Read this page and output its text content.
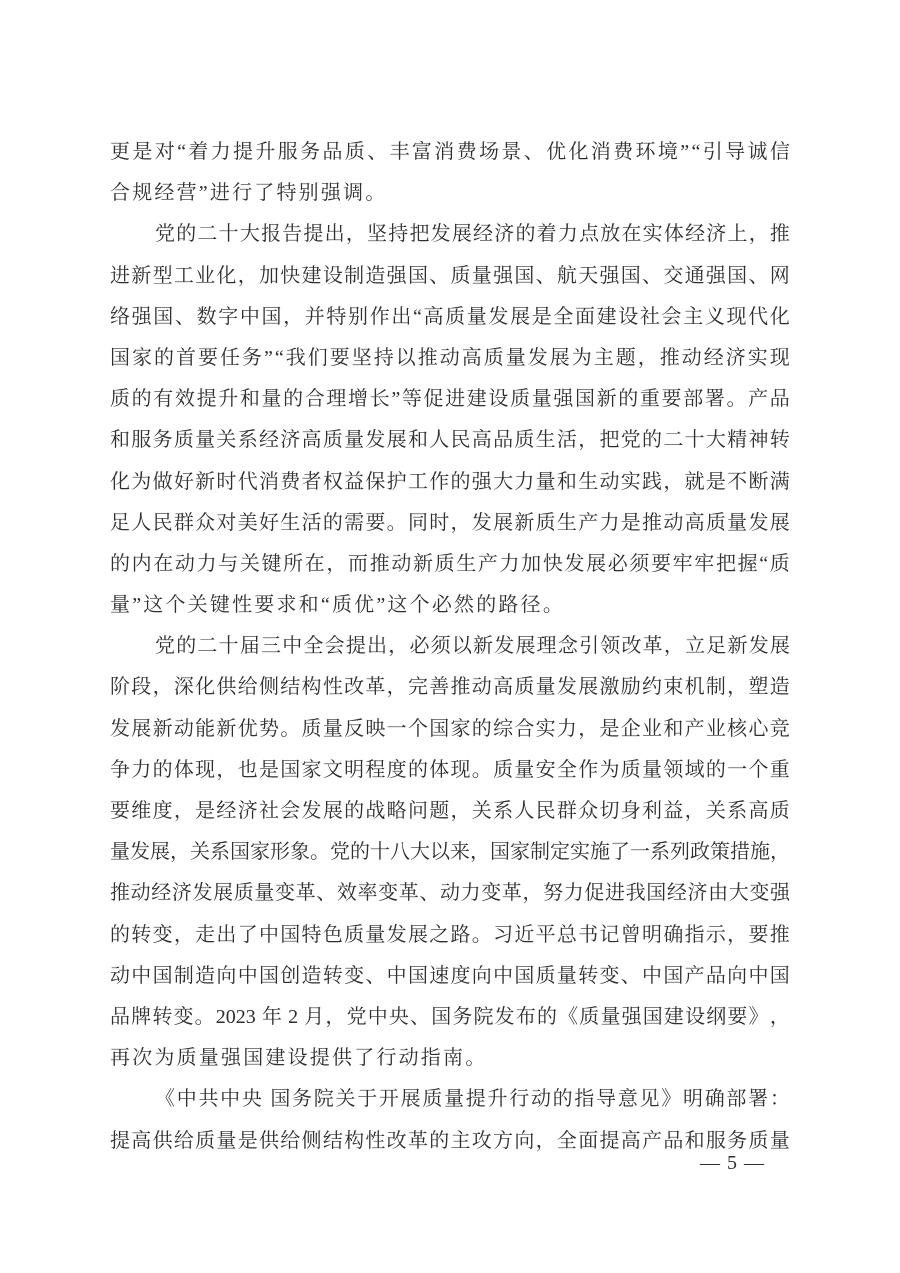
更 是 对 “ 着 力 提 升 服 务 品 质 、 丰 富 消 费 场 景 、 优 化 消 费 环 境 ” “ 引 导 诚 信
合规经营”进行了特别强调。
党 的 二 十 大 报 告 提 出 ， 坚 持 把 发 展 经 济 的 着 力 点 放 在 实 体 经 济 上 ， 推
进 新 型 工 业 化 ， 加 快 建 设 制 造 强 国 、 质 量 强 国 、 航 天 强 国 、 交 通 强 国 、 网
络 强 国 、 数 字 中 国 ， 并 特 别 作 出 “ 高 质 量 发 展 是 全 面 建 设 社 会 主 义 现 代 化
国 家 的 首 要 任 务 ” “ 我 们 要 坚 持 以 推 动 高 质 量 发 展 为 主 题 ， 推 动 经 济 实 现
质 的 有 效 提 升 和 量 的 合 理 增 长 ” 等 促 进 建 设 质 量 强 国 新 的 重 要 部 署 。 产 品
和 服 务 质 量 关 系 经 济 高 质 量 发 展 和 人 民 高 品 质 生 活 ， 把 党 的 二 十 大 精 神 转
化 为 做 好 新 时 代 消 费 者 权 益 保 护 工 作 的 强 大 力 量 和 生 动 实 践 ， 就 是 不 断 满
足 人 民 群 众 对 美 好 生 活 的 需 要 。 同 时 ， 发 展 新 质 生 产 力 是 推 动 高 质 量 发 展
的 内 在 动 力 与 关 键 所 在 ， 而 推 动 新 质 生 产 力 加 快 发 展 必 须 要 牢 牢 把 握 “ 质
量”这个关键性要求和“质优”这个必然的路径。
党 的 二 十 届 三 中 全 会 提 出 ， 必 须 以 新 发 展 理 念 引 领 改 革 ， 立 足 新 发 展
阶 段 ， 深 化 供 给 侧 结 构 性 改 革 ， 完 善 推 动 高 质 量 发 展 激 励 约 束 机 制 ， 塑 造
发 展 新 动 能 新 优 势 。 质 量 反 映 一 个 国 家 的 综 合 实 力 ， 是 企 业 和 产 业 核 心 竞
争 力 的 体 现 ， 也 是 国 家 文 明 程 度 的 体 现 。 质 量 安 全 作 为 质 量 领 域 的 一 个 重
要 维 度 ， 是 经 济 社 会 发 展 的 战 略 问 题 ， 关 系 人 民 群 众 切 身 利 益 ， 关 系 高 质
量 发 展 ， 关 系 国 家 形 象 。 党 的 十 八 大 以 来 ， 国 家 制 定 实 施 了 一 系 列 政 策 措 施 ，
推 动 经 济 发 展 质 量 变 革 、 效 率 变 革 、 动 力 变 革 ， 努 力 促 进 我 国 经 济 由 大 变 强
的 转 变 ， 走 出 了 中 国 特 色 质 量 发 展 之 路 。 习 近 平 总 书 记 曾 明 确 指 示 ， 要 推
动 中 国 制 造 向 中 国 创 造 转 变 、 中 国 速 度 向 中 国 质 量 转 变 、 中 国 产 品 向 中 国
品 牌 转 变 。 2023 年 2 月 ， 党 中 央 、 国 务 院 发 布 的 《 质 量 强 国 建 设 纲 要 》 ，
再次为质量强国建设提供了行动指南。
《 中 共 中 央
国 务 院 关 于 开 展 质 量 提 升 行 动 的 指 导 意 见 》 明 确 部 署 ：
提 高 供 给 质 量 是 供 给 侧 结 构 性 改 革 的 主 攻 方 向 ， 全 面 提 高 产 品 和 服 务 质 量
— 5 —
